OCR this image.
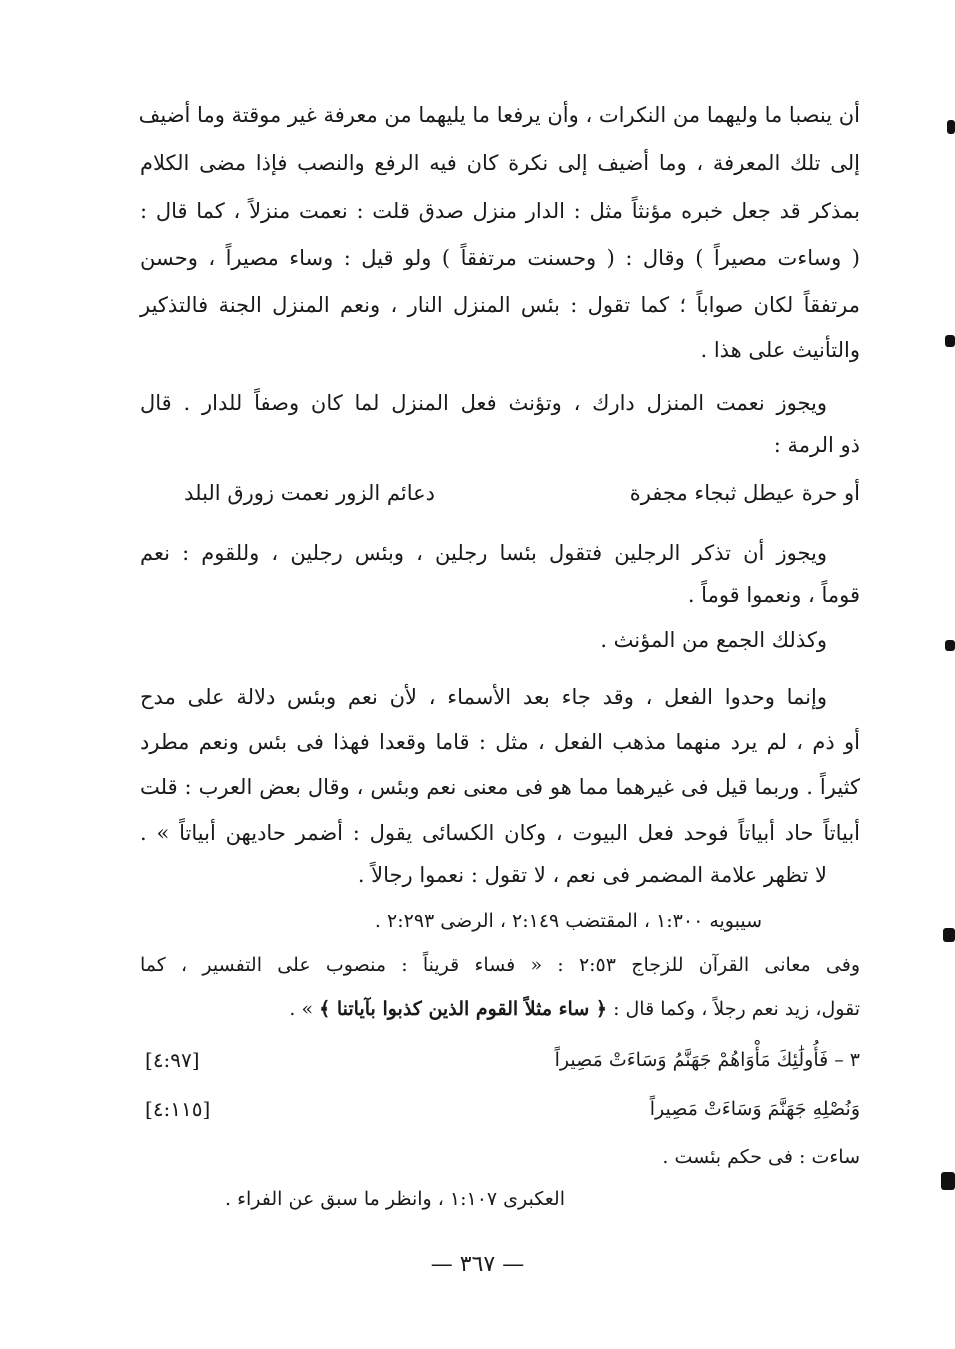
أن ينصبا ما وليهما من النكرات ، وأن يرفعا ما يليهما من معرفة غير موقتة وما أضيف
إلى تلك المعرفة ، وما أضيف إلى نكرة كان فيه الرفع والنصب فإذا مضى الكلام
بمذكر قد جعل خبره مؤنثاً مثل : الدار منزل صدق قلت : نعمت منزلاً ، كما قال :
( وساءت مصيراً ) وقال : ( وحسنت مرتفقاً ) ولو قيل : وساء مصيراً ، وحسن
مرتفقاً لكان صواباً ؛ كما تقول : بئس المنزل النار ، ونعم المنزل الجنة فالتذكير
والتأنيث على هذا .
ويجوز نعمت المنزل دارك ، وتؤنث فعل المنزل لما كان وصفاً للدار . قال
ذو الرمة :
أو حرة عيطل ثبجاء مجفرة
دعائم الزور نعمت زورق البلد
ويجوز أن تذكر الرجلين فتقول بئسا رجلين ، وبئس رجلين ، وللقوم : نعم
قوماً ، ونعموا قوماً .
وكذلك الجمع من المؤنث .
وإنما وحدوا الفعل ، وقد جاء بعد الأسماء ، لأن نعم وبئس دلالة على مدح
أو ذم ، لم يرد منهما مذهب الفعل ، مثل : قاما وقعدا فهذا فى بئس ونعم مطرد
كثيراً . وربما قيل فى غيرهما مما هو فى معنى نعم وبئس ، وقال بعض العرب : قلت
أبياتاً حاد أبياتاً فوحد فعل البيوت ، وكان الكسائى يقول : أضمر حاديهن أبياتاً » .
لا تظهر علامة المضمر فى نعم ، لا تقول : نعموا رجالاً .
سيبويه ١:٣٠٠ ، المقتضب ٢:١٤٩ ، الرضى ٢:٢٩٣ .
وفى معانى القرآن للزجاج ٢:٥٣ : « فساء قريناً : منصوب على التفسير ، كما
تقول، زيد نعم رجلاً ، وكما قال : ﴿ ساء مثلاً القوم الذين كذبوا بآياتنا ﴾ » .
٣ – فَأُولَٰئِكَ مَأْوَاهُمْ جَهَنَّمُ وَسَاءَتْ مَصِيراً
[٤:٩٧]
وَنُصْلِهِ جَهَنَّمَ وَسَاءَتْ مَصِيراً
[٤:١١٥]
ساءت : فى حكم بئست .
العكبرى ١:١٠٧ ، وانظر ما سبق عن الفراء .
— ٣٦٧ —
